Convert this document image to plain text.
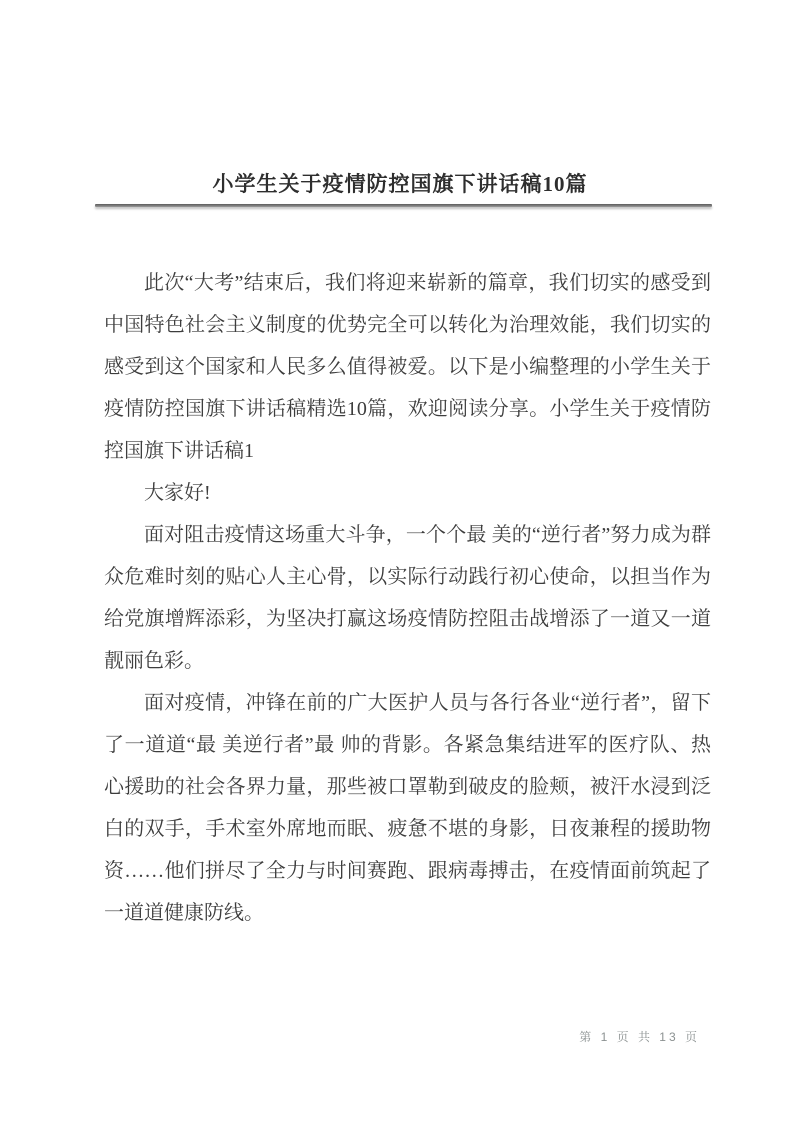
小学生关于疫情防控国旗下讲话稿10篇

此次“大考”结束后，我们将迎来崭新的篇章，我们切实的感受到中国特色社会主义制度的优势完全可以转化为治理效能，我们切实的感受到这个国家和人民多么值得被爱。以下是小编整理的小学生关于疫情防控国旗下讲话稿精选10篇，欢迎阅读分享。小学生关于疫情防控国旗下讲话稿1

大家好!

面对阻击疫情这场重大斗争，一个个最 美的“逆行者”努力成为群众危难时刻的贴心人主心骨，以实际行动践行初心使命，以担当作为给党旗增辉添彩，为坚决打赢这场疫情防控阻击战增添了一道又一道靓丽色彩。

面对疫情，冲锋在前的广大医护人员与各行各业“逆行者”，留下了一道道“最 美逆行者”最 帅的背影。各紧急集结进军的医疗队、热心援助的社会各界力量，那些被口罩勒到破皮的脸颊，被汗水浸到泛白的双手，手术室外席地而眠、疲惫不堪的身影，日夜兼程的援助物资……他们拼尽了全力与时间赛跑、跟病毒搏击，在疫情面前筑起了一道道健康防线。

第 1 页 共 13 页
